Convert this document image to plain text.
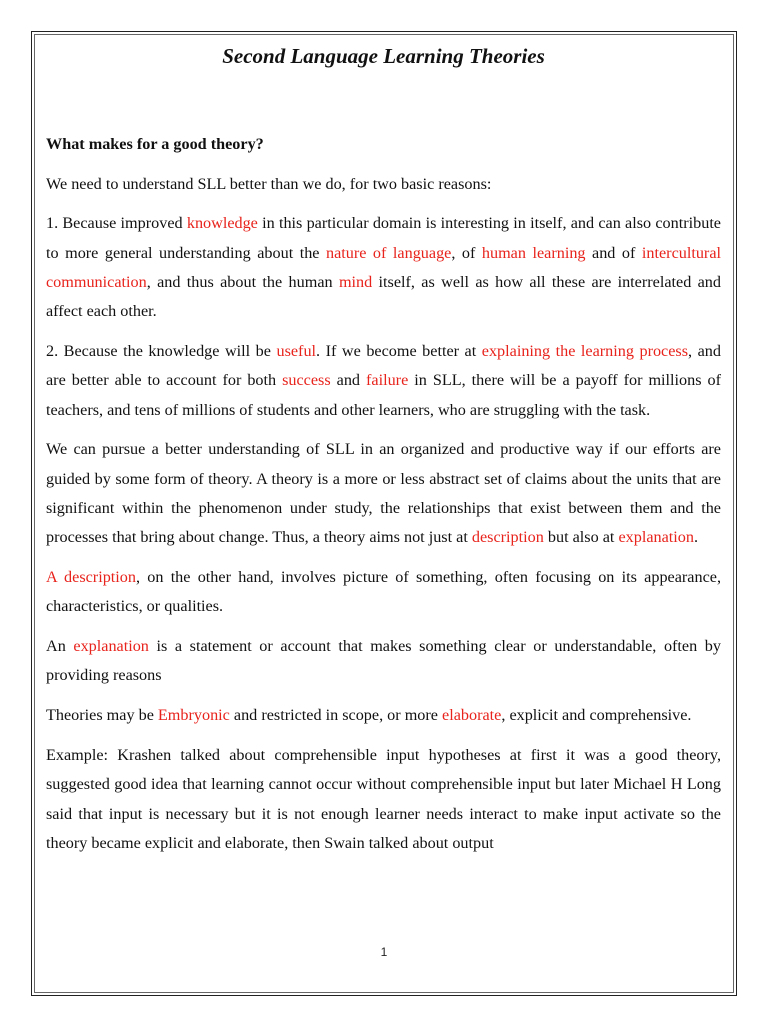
Second Language Learning Theories
What makes for a good theory?

We need to understand SLL better than we do, for two basic reasons:

1. Because improved knowledge in this particular domain is interesting in itself, and can also contribute to more general understanding about the nature of language, of human learning and of intercultural communication, and thus about the human mind itself, as well as how all these are interrelated and affect each other.

2. Because the knowledge will be useful. If we become better at explaining the learning process, and are better able to account for both success and failure in SLL, there will be a payoff for millions of teachers, and tens of millions of students and other learners, who are struggling with the task.

We can pursue a better understanding of SLL in an organized and productive way if our efforts are guided by some form of theory. A theory is a more or less abstract set of claims about the units that are significant within the phenomenon under study, the relationships that exist between them and the processes that bring about change. Thus, a theory aims not just at description but also at explanation.

A description, on the other hand, involves picture of something, often focusing on its appearance, characteristics, or qualities.

An explanation is a statement or account that makes something clear or understandable, often by providing reasons

Theories may be Embryonic and restricted in scope, or more elaborate, explicit and comprehensive.

Example: Krashen talked about comprehensible input hypotheses at first it was a good theory, suggested good idea that learning cannot occur without comprehensible input but later Michael H Long said that input is necessary but it is not enough learner needs interact to make input activate so the theory became explicit and elaborate, then Swain talked about output

1
